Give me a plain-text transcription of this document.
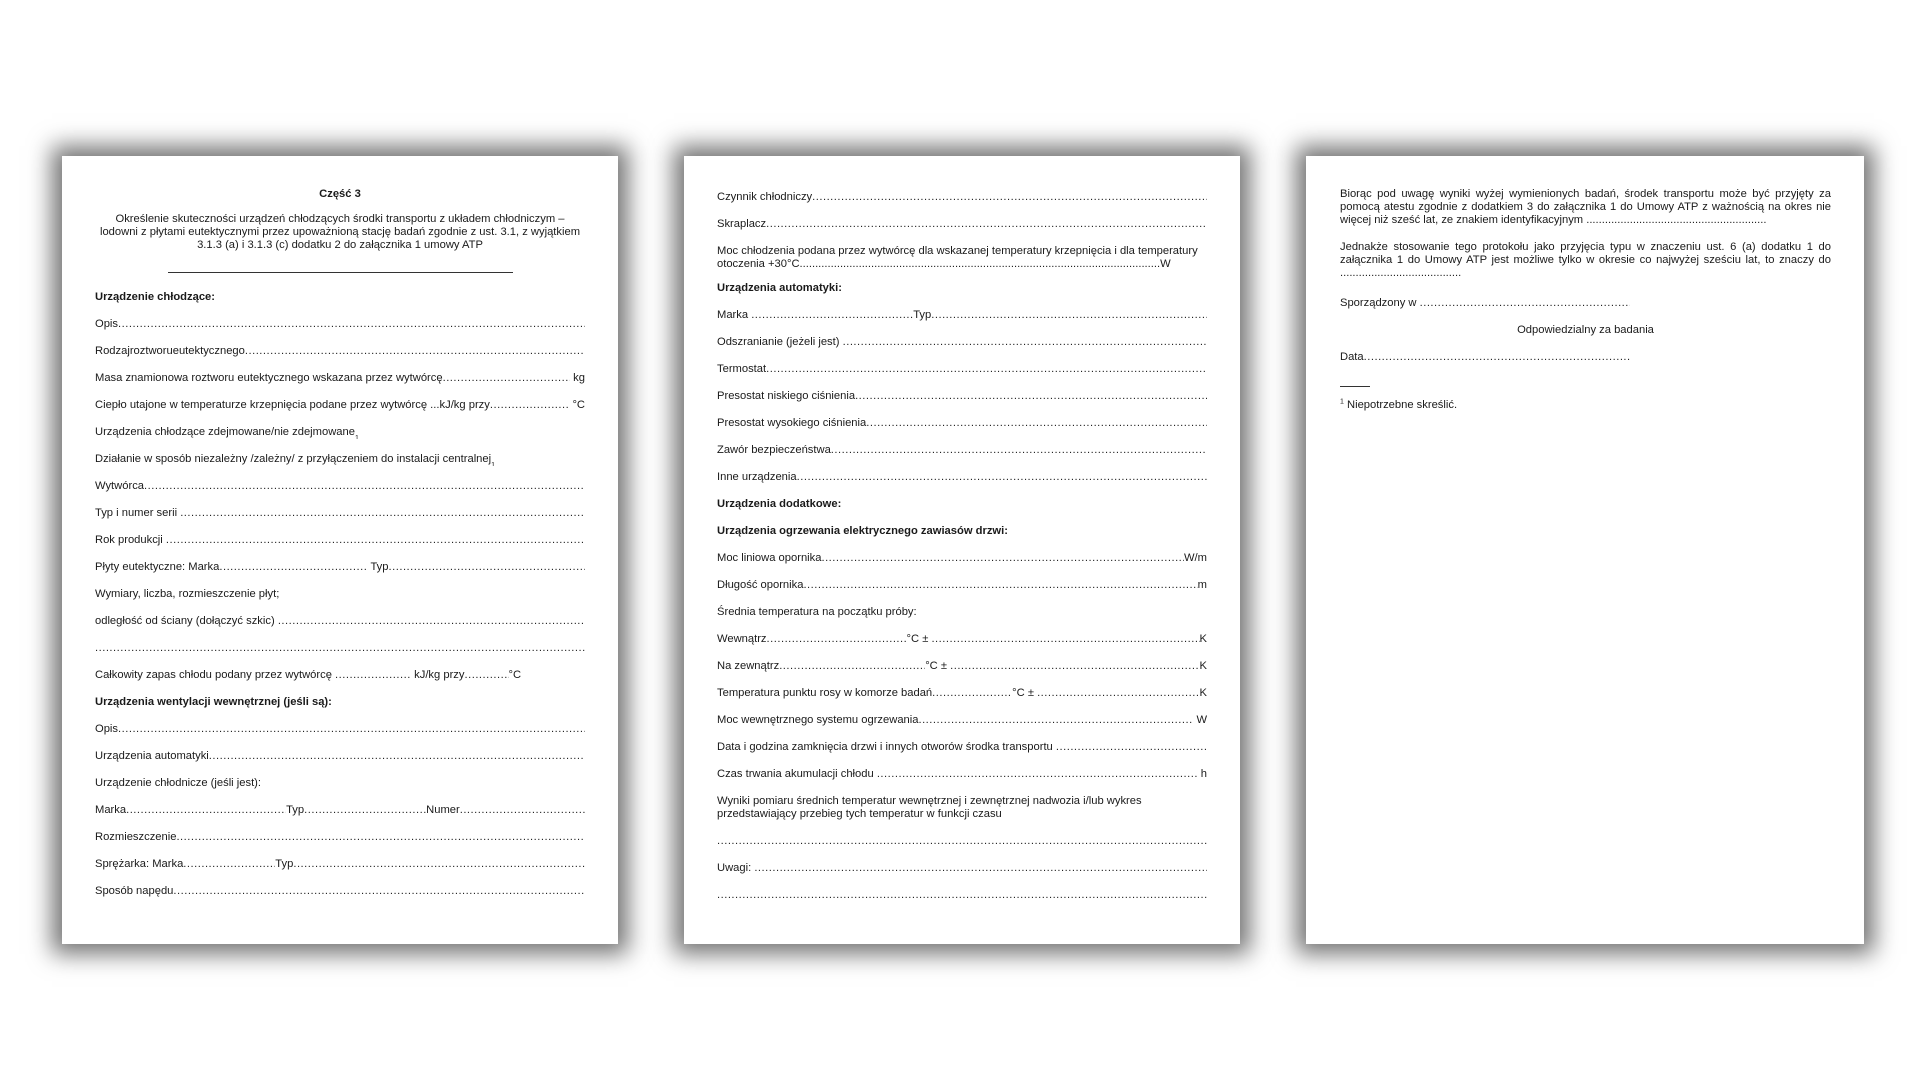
Część 3
Określenie skuteczności urządzeń chłodzących środki transportu z układem chłodniczym – lodowni z płytami eutektycznymi przez upoważnioną stację badań zgodnie z ust. 3.1, z wyjątkiem 3.1.3 (a) i 3.1.3 (c) dodatku 2 do załącznika 1 umowy ATP
Urządzenie chłodzące:
Opis
.....
Rodzajroztworueutektycznego
.....
Masa znamionowa roztworu eutektycznego wskazana przez wytwórcę .....
	kg
Ciepło utajone w temperaturze krzepnięcia podane przez wytwórcę ...kJ/kg przy .....
	°C
Urządzenia chłodzące zdejmowane/nie zdejmowane
1
Działanie w sposób niezależny /zależny/ z przyłączeniem do instalacji centralnej
1
Wytwórca
.....
Typ i numer serii

.....
Rok produkcji

.....
Płyty eutektyczne: Marka .....
	Typ
.....
Wymiary, liczba, rozmieszczenie płyt;
odległość od ściany (dołączyć szkic)

.....
.....
Całkowity zapas chłodu podany przez wytwórcę
.....
	kJ/kg przy .....	°C
Urządzenia wentylacji wewnętrznej (jeśli są):
Opis
.....
Urządzenia automatyki
.....
Urządzenie chłodnicze (jeśli jest):
Marka .....	Typ .....	Numer
.....
Rozmieszczenie
.....
Sprężarka: Marka .....	Typ
.....
Sposób napędu
.....
Czynnik chłodniczy
.....
Skraplacz
.....
Moc chłodzenia podana przez wytwórcę dla wskazanej temperatury krzepnięcia i dla temperatury otoczenia +30°C....................................................................................................................W
Urządzenia automatyki:
Marka
.....	Typ
.....
Odszranianie (jeżeli jest)

.....
Termostat
.....
Presostat niskiego ciśnienia
.....
Presostat wysokiego ciśnienia
.....
Zawór bezpieczeństwa
.....
Inne urządzenia
.....
Urządzenia dodatkowe:
Urządzenia ogrzewania elektrycznego zawiasów drzwi:
Moc liniowa opornika .....	W/m
Długość opornika .....	m
Średnia temperatura na początku próby:
Wewnątrz .....	°C ±
.....	K
Na zewnątrz .....	°C ±
.....	K
Temperatura punktu rosy w komorze badań .....	°C ±
.....	K
Moc wewnętrznego systemu ogrzewania .....
	W
Data i godzina zamknięcia drzwi i innych otworów środka transportu

.....
Czas trwania akumulacji chłodu
.....
	h
Wyniki pomiaru średnich temperatur wewnętrznej i zewnętrznej nadwozia i/lub wykres przedstawiający przebieg tych temperatur w funkcji czasu
.....
Uwagi:

.....
.....
Biorąc pod uwagę wyniki wyżej wymienionych badań, środek transportu może być przyjęty za pomocą atestu zgodnie z dodatkiem 3 do załącznika 1 do Umowy ATP z ważnością na okres nie więcej niż sześć lat, ze znakiem identyfikacyjnym ..........................................................
Jednakże stosowanie tego protokołu jako przyjęcia typu w znaczeniu ust. 6 (a) dodatku 1 do załącznika 1 do Umowy ATP jest możliwe tylko w okresie co najwyżej sześciu lat, to znaczy do .......................................
Sporządzony w

.....
Odpowiedzialny za badania
Data
.....
$^1$ Niepotrzebne skreślić.
